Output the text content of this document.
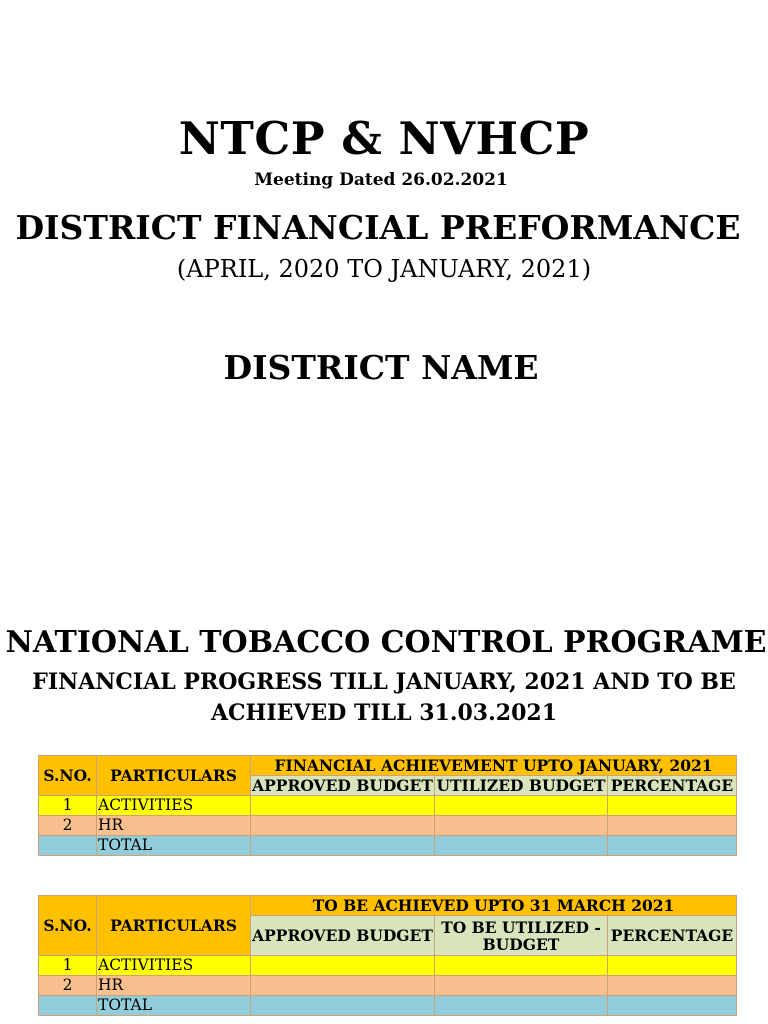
NTCP & NVHCP
Meeting Dated 26.02.2021
DISTRICT FINANCIAL PREFORMANCE
(APRIL, 2020 TO JANUARY, 2021)
DISTRICT NAME
NATIONAL TOBACCO CONTROL PROGRAME
FINANCIAL PROGRESS TILL JANUARY, 2021 AND TO BE
ACHIEVED TILL 31.03.2021
S.NO.	PARTICULARS	FINANCIAL ACHIEVEMENT UPTO JANUARY, 2021		
		APPROVED BUDGET	UTILIZED BUDGET	PERCENTAGE
1	ACTIVITIES			
2	HR			
	TOTAL			
S.NO.	PARTICULARS	TO BE ACHIEVED UPTO 31 MARCH 2021		
		APPROVED BUDGET	TO BE UTILIZED - BUDGET	PERCENTAGE
1	ACTIVITIES			
2	HR			
	TOTAL			
